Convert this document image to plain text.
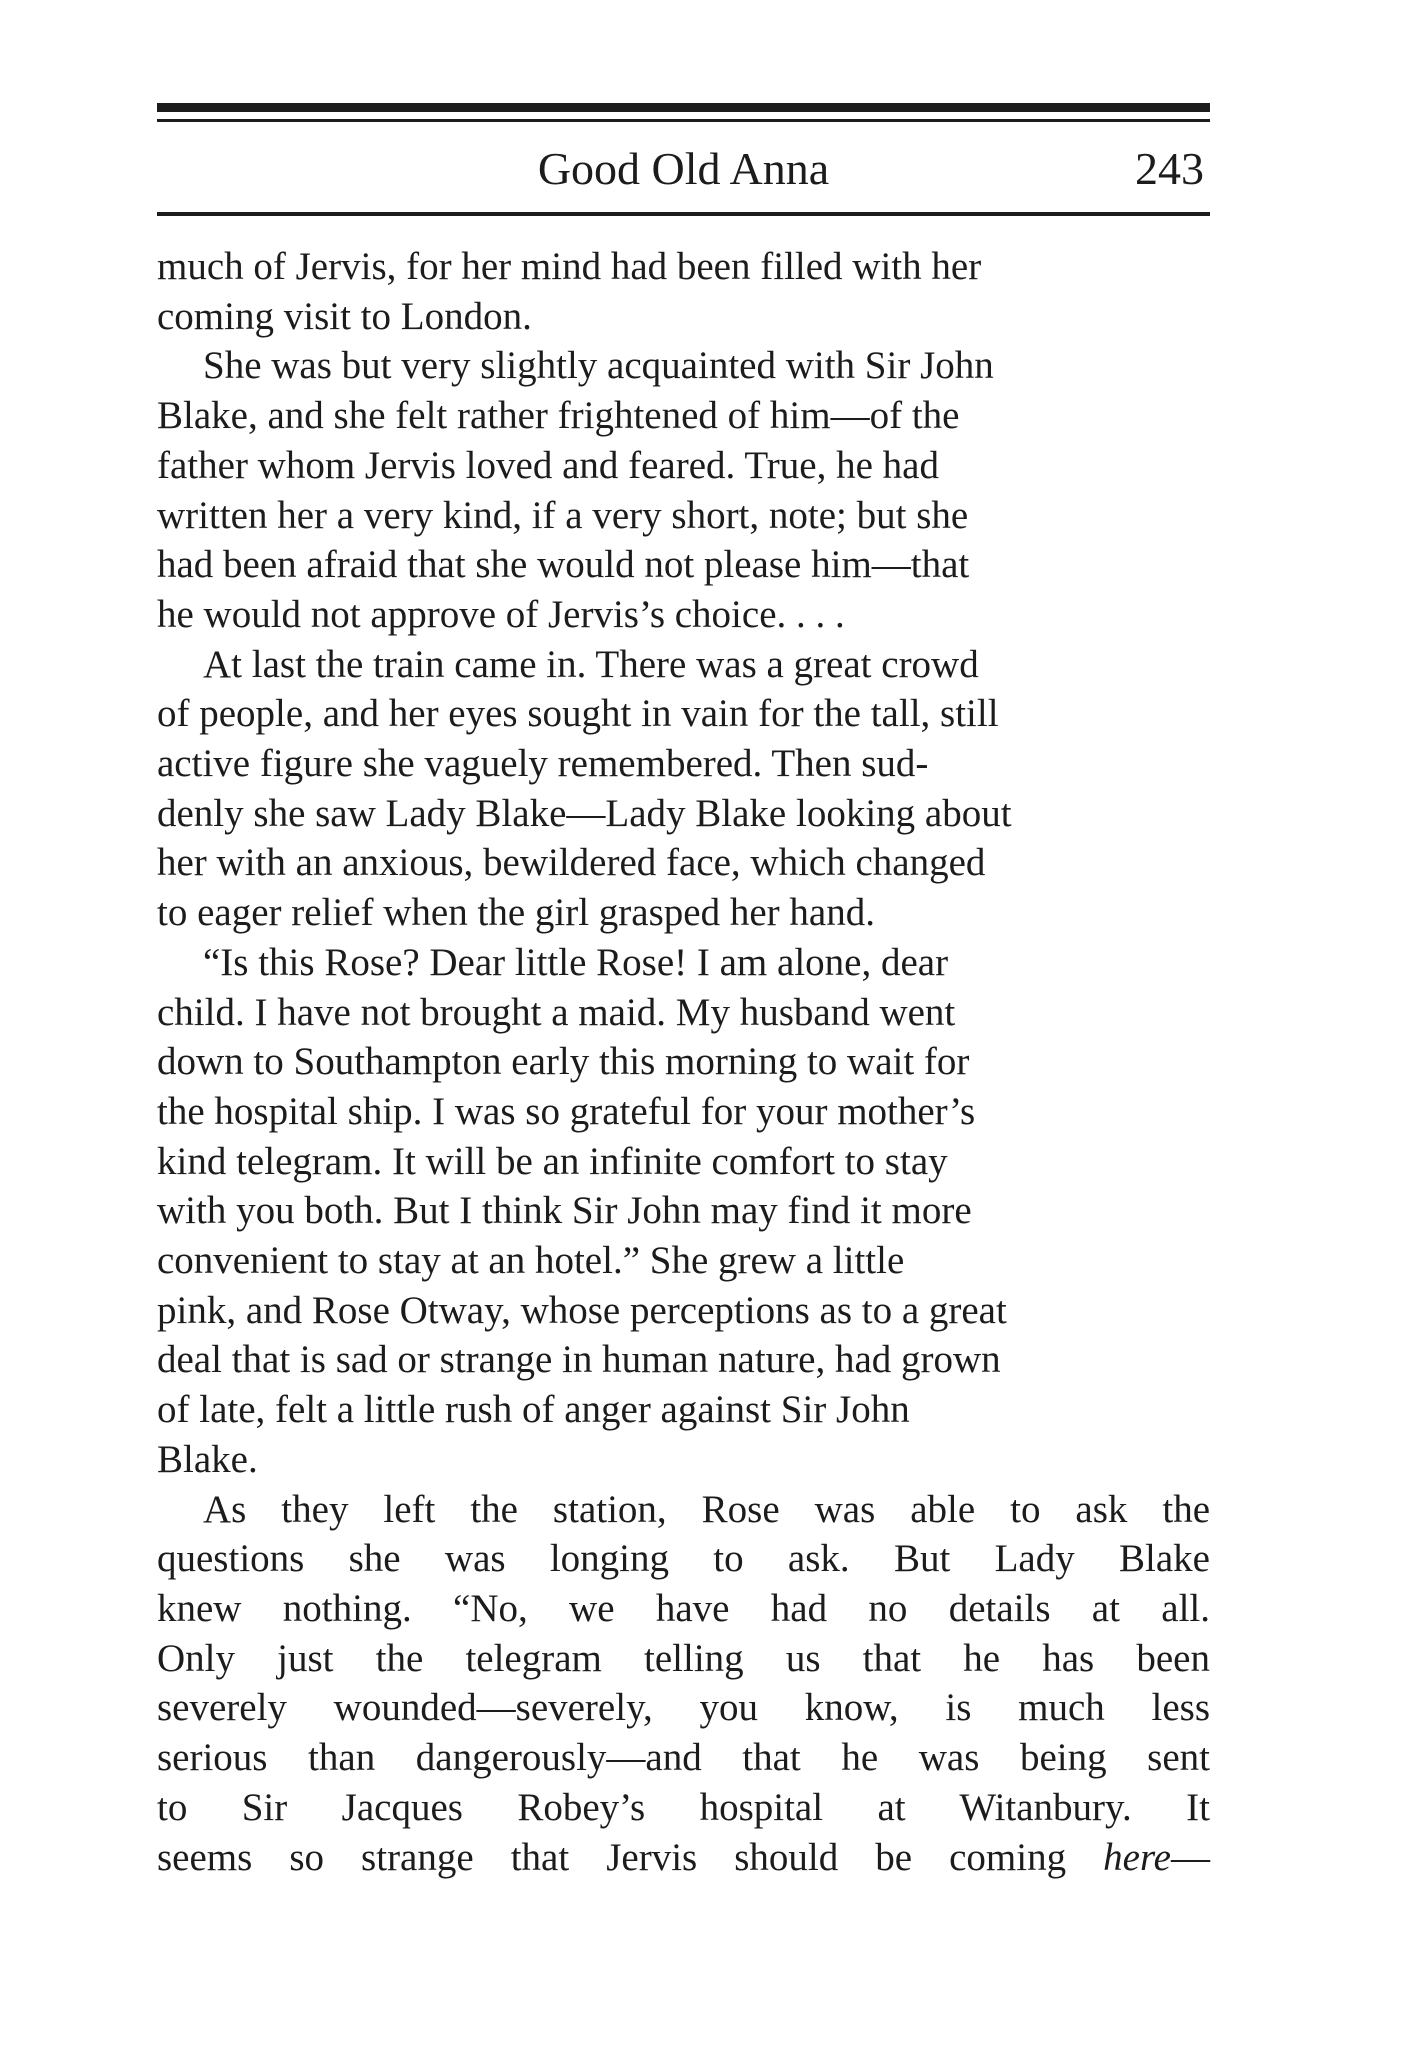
Good Old Anna	243

much of Jervis, for her mind had been filled with her
coming visit to London.

She was but very slightly acquainted with Sir John
Blake, and she felt rather frightened of him—of the
father whom Jervis loved and feared. True, he had
written her a very kind, if a very short, note; but she
had been afraid that she would not please him—that
he would not approve of Jervis’s choice. . . .

At last the train came in. There was a great crowd
of people, and her eyes sought in vain for the tall, still
active figure she vaguely remembered. Then sud-
denly she saw Lady Blake—Lady Blake looking about
her with an anxious, bewildered face, which changed
to eager relief when the girl grasped her hand.

“Is this Rose? Dear little Rose! I am alone, dear
child. I have not brought a maid. My husband went
down to Southampton early this morning to wait for
the hospital ship. I was so grateful for your mother’s
kind telegram. It will be an infinite comfort to stay
with you both. But I think Sir John may find it more
convenient to stay at an hotel.” She grew a little
pink, and Rose Otway, whose perceptions as to a great
deal that is sad or strange in human nature, had grown
of late, felt a little rush of anger against Sir John
Blake.

As they left the station, Rose was able to ask the
questions she was longing to ask. But Lady Blake
knew nothing. “No, we have had no details at all.
Only just the telegram telling us that he has been
severely wounded—severely, you know, is much less
serious than dangerously—and that he was being sent
to Sir Jacques Robey’s hospital at Witanbury. It
seems so strange that Jervis should be coming here—
